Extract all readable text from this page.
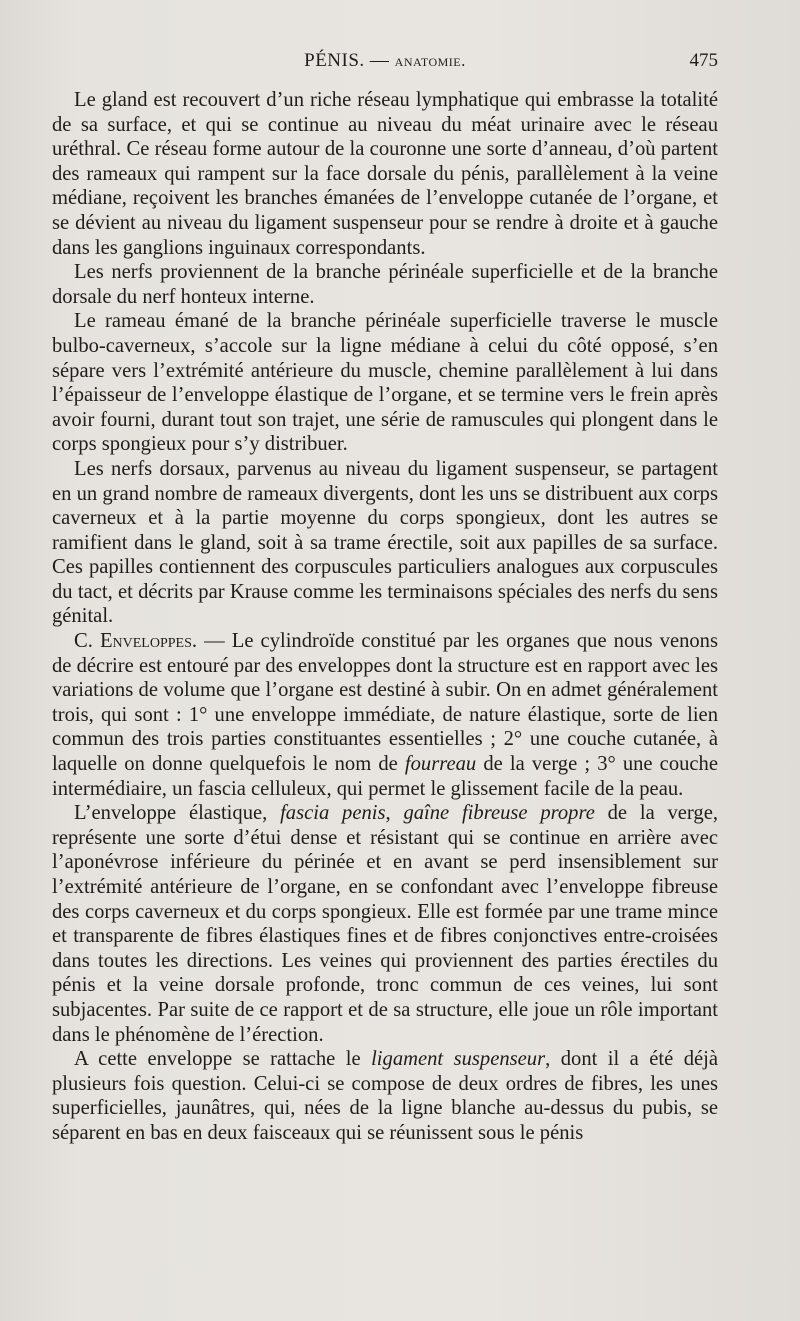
PÉNIS. — anatomie.	475

Le gland est recouvert d’un riche réseau lymphatique qui embrasse la totalité de sa surface, et qui se continue au niveau du méat urinaire avec le réseau uréthral. Ce réseau forme autour de la couronne une sorte d’anneau, d’où partent des rameaux qui rampent sur la face dorsale du pénis, parallèlement à la veine médiane, reçoivent les branches émanées de l’enveloppe cutanée de l’organe, et se dévient au niveau du ligament suspenseur pour se rendre à droite et à gauche dans les ganglions inguinaux correspondants.

Les nerfs proviennent de la branche périnéale superficielle et de la branche dorsale du nerf honteux interne.

Le rameau émané de la branche périnéale superficielle traverse le muscle bulbo-caverneux, s’accole sur la ligne médiane à celui du côté opposé, s’en sépare vers l’extrémité antérieure du muscle, chemine parallèlement à lui dans l’épaisseur de l’enveloppe élastique de l’organe, et se termine vers le frein après avoir fourni, durant tout son trajet, une série de ramuscules qui plongent dans le corps spongieux pour s’y distribuer.

Les nerfs dorsaux, parvenus au niveau du ligament suspenseur, se partagent en un grand nombre de rameaux divergents, dont les uns se distribuent aux corps caverneux et à la partie moyenne du corps spongieux, dont les autres se ramifient dans le gland, soit à sa trame érectile, soit aux papilles de sa surface. Ces papilles contiennent des corpuscules particuliers analogues aux corpuscules du tact, et décrits par Krause comme les terminaisons spéciales des nerfs du sens génital.

C. Enveloppes. — Le cylindroïde constitué par les organes que nous venons de décrire est entouré par des enveloppes dont la structure est en rapport avec les variations de volume que l’organe est destiné à subir. On en admet généralement trois, qui sont : 1° une enveloppe immédiate, de nature élastique, sorte de lien commun des trois parties constituantes essentielles ; 2° une couche cutanée, à laquelle on donne quelquefois le nom de fourreau de la verge ; 3° une couche intermédiaire, un fascia celluleux, qui permet le glissement facile de la peau.

L’enveloppe élastique, fascia penis, gaîne fibreuse propre de la verge, représente une sorte d’étui dense et résistant qui se continue en arrière avec l’aponévrose inférieure du périnée et en avant se perd insensiblement sur l’extrémité antérieure de l’organe, en se confondant avec l’enveloppe fibreuse des corps caverneux et du corps spongieux. Elle est formée par une trame mince et transparente de fibres élastiques fines et de fibres conjonctives entre-croisées dans toutes les directions. Les veines qui proviennent des parties érectiles du pénis et la veine dorsale profonde, tronc commun de ces veines, lui sont subjacentes. Par suite de ce rapport et de sa structure, elle joue un rôle important dans le phénomène de l’érection.

A cette enveloppe se rattache le ligament suspenseur, dont il a été déjà plusieurs fois question. Celui-ci se compose de deux ordres de fibres, les unes superficielles, jaunâtres, qui, nées de la ligne blanche au-dessus du pubis, se séparent en bas en deux faisceaux qui se réunissent sous le pénis
